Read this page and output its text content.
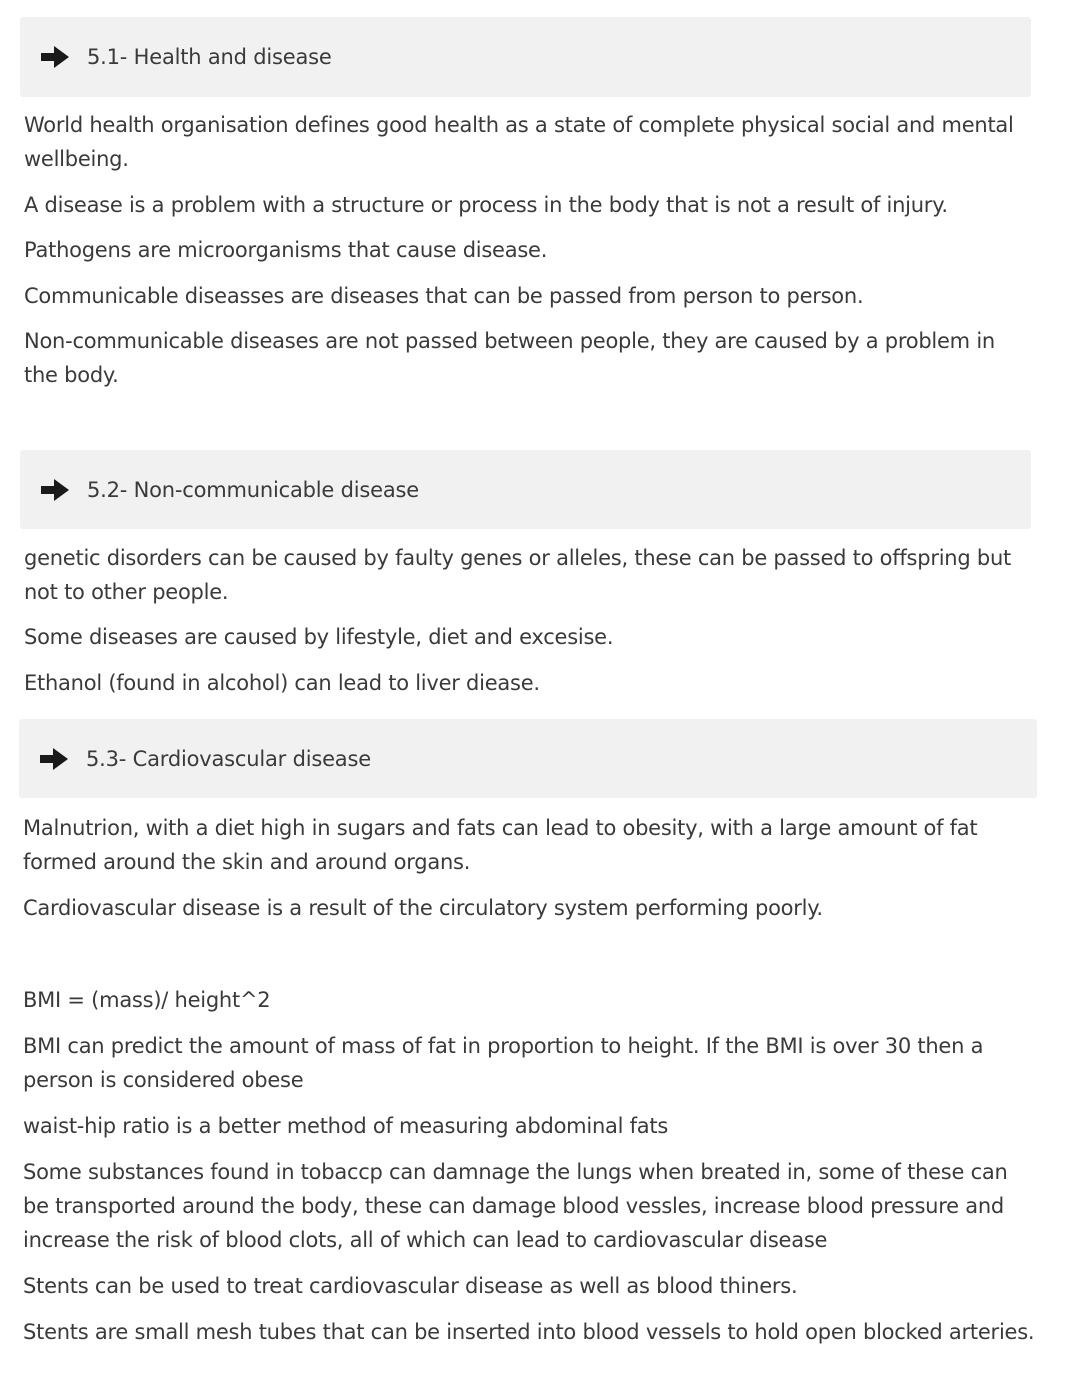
5.1- Health and disease

World health organisation defines good health as a state of complete physical social and mental wellbeing.

A disease is a problem with a structure or process in the body that is not a result of injury.

Pathogens are microorganisms that cause disease.

Communicable diseasses are diseases that can be passed from person to person.

Non-communicable diseases are not passed between people, they are caused by a problem in the body.

5.2- Non-communicable disease

genetic disorders can be caused by faulty genes or alleles, these can be passed to offspring but not to other people.

Some diseases are caused by lifestyle, diet and excesise.

Ethanol (found in alcohol) can lead to liver diease.

5.3- Cardiovascular disease

Malnutrion, with a diet high in sugars and fats can lead to obesity, with a large amount of fat formed around the skin and around organs.

Cardiovascular disease is a result of the circulatory system performing poorly.

BMI = (mass)/ height^2

BMI can predict the amount of mass of fat in proportion to height. If the BMI is over 30 then a person is considered obese

waist-hip ratio is a better method of measuring abdominal fats

Some substances found in tobaccp can damnage the lungs when breated in, some of these can be transported around the body, these can damage blood vessles, increase blood pressure and increase the risk of blood clots, all of which can lead to cardiovascular disease

Stents can be used to treat cardiovascular disease as well as blood thiners.

Stents are small mesh tubes that can be inserted into blood vessels to hold open blocked arteries.
